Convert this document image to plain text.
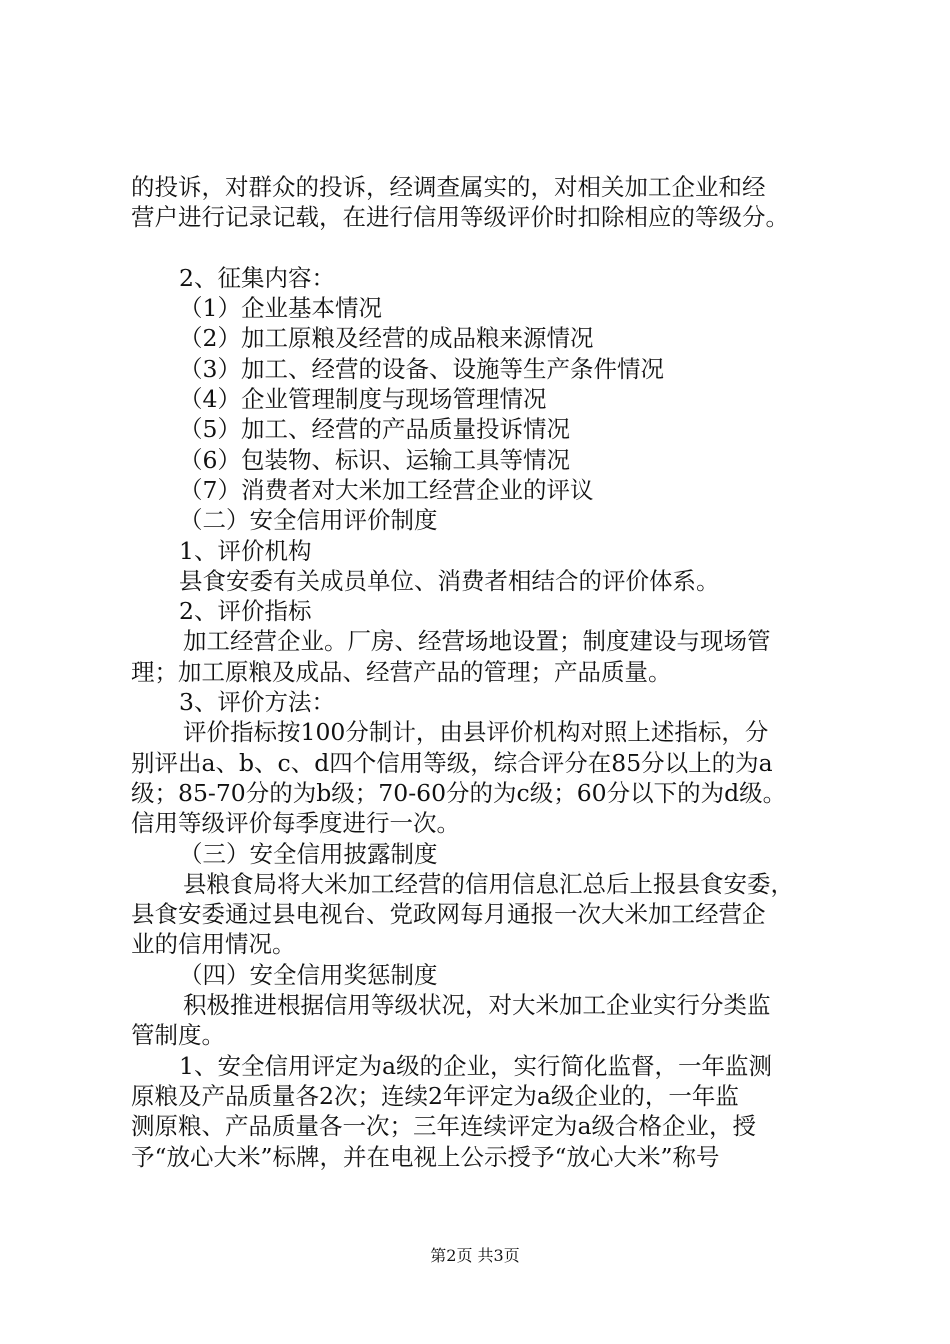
的投诉，对群众的投诉，经调查属实的，对相关加工企业和经
营户进行记录记载，在进行信用等级评价时扣除相应的等级分。
2、征集内容：
（1）企业基本情况
（2）加工原粮及经营的成品粮来源情况
（3）加工、经营的设备、设施等生产条件情况
（4）企业管理制度与现场管理情况
（5）加工、经营的产品质量投诉情况
（6）包装物、标识、运输工具等情况
（7）消费者对大米加工经营企业的评议
（二）安全信用评价制度
1、评价机构
县食安委有关成员单位、消费者相结合的评价体系。
2、评价指标
加工经营企业。厂房、经营场地设置；制度建设与现场管
理；加工原粮及成品、经营产品的管理；产品质量。
3、评价方法：
评价指标按100分制计，由县评价机构对照上述指标，分
别评出a、b、c、d四个信用等级，综合评分在85分以上的为a
级；85-70分的为b级；70-60分的为c级；60分以下的为d级。
信用等级评价每季度进行一次。
（三）安全信用披露制度
县粮食局将大米加工经营的信用信息汇总后上报县食安委，
县食安委通过县电视台、党政网每月通报一次大米加工经营企
业的信用情况。
（四）安全信用奖惩制度
积极推进根据信用等级状况，对大米加工企业实行分类监
管制度。
1、安全信用评定为a级的企业，实行简化监督，一年监测
原粮及产品质量各2次；连续2年评定为a级企业的，一年监
测原粮、产品质量各一次；三年连续评定为a级合格企业，授
予“放心大米”标牌，并在电视上公示授予“放心大米”称号
第2页 共3页
